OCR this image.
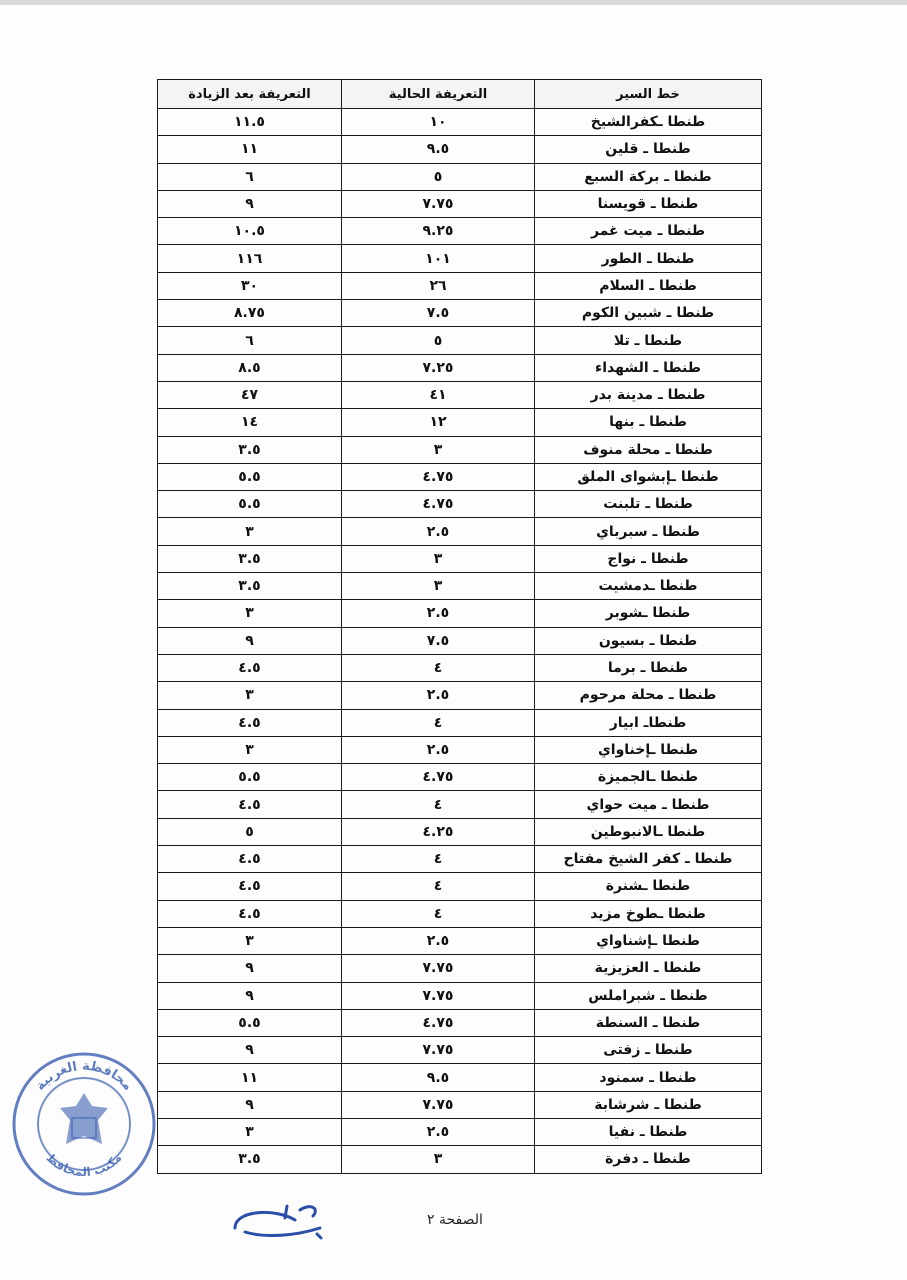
خط السير	التعريفة الحالية	التعريفة بعد الزيادة
طنطا ـكفرالشيخ	١٠	١١.٥
طنطا ـ قلين	٩.٥	١١
طنطا ـ بركة السبع	٥	٦
طنطا ـ قويسنا	٧.٧٥	٩
طنطا ـ ميت غمر	٩.٢٥	١٠.٥
طنطا ـ الطور	١٠١	١١٦
طنطا ـ السلام	٢٦	٣٠
طنطا ـ شبين الكوم	٧.٥	٨.٧٥
طنطا ـ تلا	٥	٦
طنطا ـ الشهداء	٧.٢٥	٨.٥
طنطا ـ مدينة بدر	٤١	٤٧
طنطا ـ بنها	١٢	١٤
طنطا ـ محلة منوف	٣	٣.٥
طنطا ـإبشواى الملق	٤.٧٥	٥.٥
طنطا ـ تلبنت	٤.٧٥	٥.٥
طنطا ـ سبرباي	٢.٥	٣
طنطا ـ نواج	٣	٣.٥
طنطا ـدمشيت	٣	٣.٥
طنطا ـشوبر	٢.٥	٣
طنطا ـ بسيون	٧.٥	٩
طنطا ـ برما	٤	٤.٥
طنطا ـ محلة مرحوم	٢.٥	٣
طنطاـ ابيار	٤	٤.٥
طنطا ـإخناواي	٢.٥	٣
طنطا ـالجميزة	٤.٧٥	٥.٥
طنطا ـ ميت حواي	٤	٤.٥
طنطا ـالانبوطين	٤.٢٥	٥
طنطا ـ كفر الشيخ مفتاح	٤	٤.٥
طنطا ـشنرة	٤	٤.٥
طنطا ـطوخ مزيد	٤	٤.٥
طنطا ـإشناواي	٢.٥	٣
طنطا ـ العزيزية	٧.٧٥	٩
طنطا ـ شبراملس	٧.٧٥	٩
طنطا ـ السنطة	٤.٧٥	٥.٥
طنطا ـ زفتى	٧.٧٥	٩
طنطا ـ سمنود	٩.٥	١١
طنطا ـ شرشابة	٧.٧٥	٩
طنطا ـ نفيا	٢.٥	٣
طنطا ـ دفرة	٣	٣.٥
الصفحة ٢
محافظة الغربية
مكتب المحافظ
